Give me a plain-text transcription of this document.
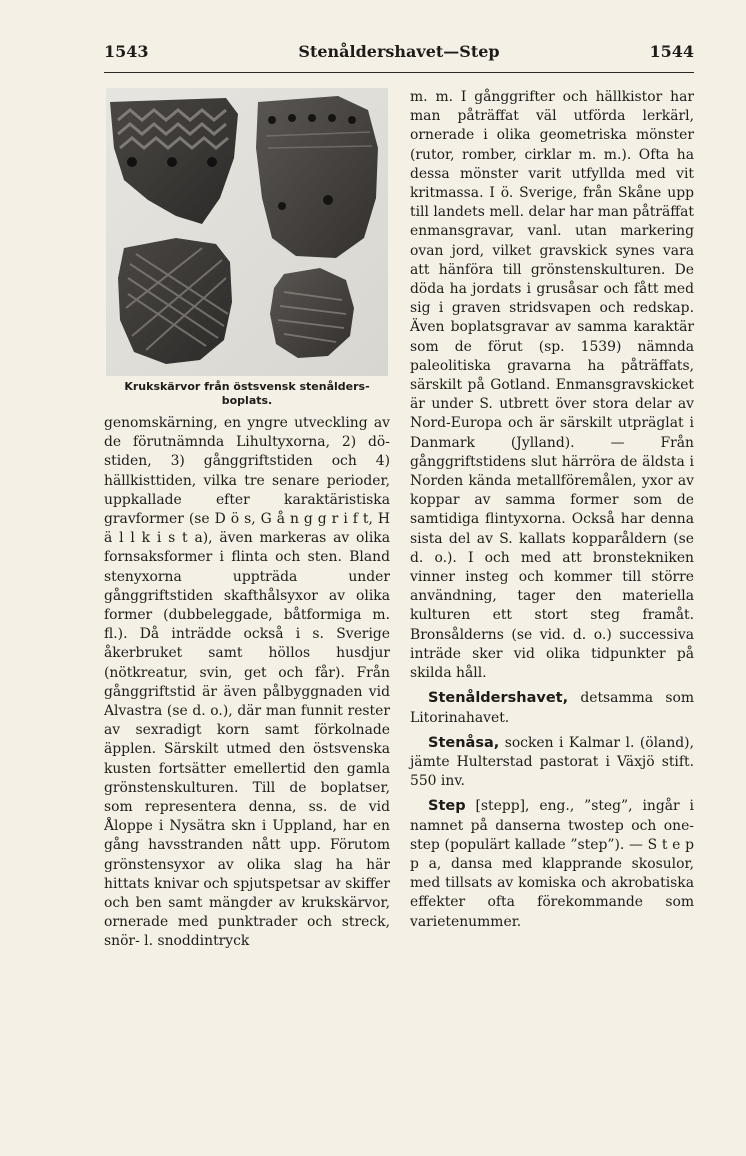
1543	Stenåldershavet—Step	1544
Krukskärvor från östsvensk stenålders-
boplats.

genomskärning, en yngre utveckling av de förutnämnda Lihultyxorna, 2) döstiden, 3) gånggriftstiden och 4) hällkisttiden, vilka tre senare perioder, uppkallade efter karaktäristiska gravformer (se D ö s, G å n g g r i f t, H ä l l k i s t a), även markeras av olika fornsaksformer i flinta och sten. Bland stenyxorna uppträda under gånggriftstiden skafthålsyxor av olika former (dubbeleggade, båtformiga m. fl.). Då inträdde också i s. Sverige åkerbruket samt höllos husdjur (nötkreatur, svin, get och får). Från gånggriftstid är även pålbyggnaden vid Alvastra (se d. o.), där man funnit rester av sexradigt korn samt förkolnade äpplen. Särskilt utmed den östsvenska kusten fortsätter emellertid den gamla grönstenskulturen. Till de boplatser, som representera denna, ss. de vid Åloppe i Nysätra skn i Uppland, har en gång havsstranden nått upp. Förutom grönstensyxor av olika slag ha här hittats knivar och spjutspetsar av skiffer och ben samt mängder av krukskärvor, ornerade med punktrader och streck, snör- l. snoddintryck

m. m. I gånggrifter och hällkistor har man påträffat väl utförda lerkärl, ornerade i olika geometriska mönster (rutor, romber, cirklar m. m.). Ofta ha dessa mönster varit utfyllda med vit kritmassa. I ö. Sverige, från Skåne upp till landets mell. delar har man påträffat enmansgravar, vanl. utan markering ovan jord, vilket gravskick synes vara att hänföra till grönstenskulturen. De döda ha jordats i grusåsar och fått med sig i graven stridsvapen och redskap. Även boplatsgravar av samma karaktär som de förut (sp. 1539) nämnda paleolitiska gravarna ha påträffats, särskilt på Gotland. Enmansgravskicket är under S. utbrett över stora delar av Nord-Europa och är särskilt utpräglat i Danmark (Jylland). — Från gånggriftstidens slut härröra de äldsta i Norden kända metallföremålen, yxor av koppar av samma former som de samtidiga flintyxorna. Också har denna sista del av S. kallats kopparåldern (se d. o.). I och med att bronstekniken vinner insteg och kommer till större användning, tager den materiella kulturen ett stort steg framåt. Bronsålderns (se vid. d. o.) successiva inträde sker vid olika tidpunkter på skilda håll.

Stenåldershavet, detsamma som Litorinahavet.

Stenåsa, socken i Kalmar l. (öland), jämte Hulterstad pastorat i Växjö stift. 550 inv.

Step [stepp], eng., ”steg”, ingår i namnet på danserna twostep och one-step (populärt kallade ”step”). — S t e p p a, dansa med klapprande skosulor, med tillsats av komiska och akrobatiska effekter ofta förekommande som varietenummer.
